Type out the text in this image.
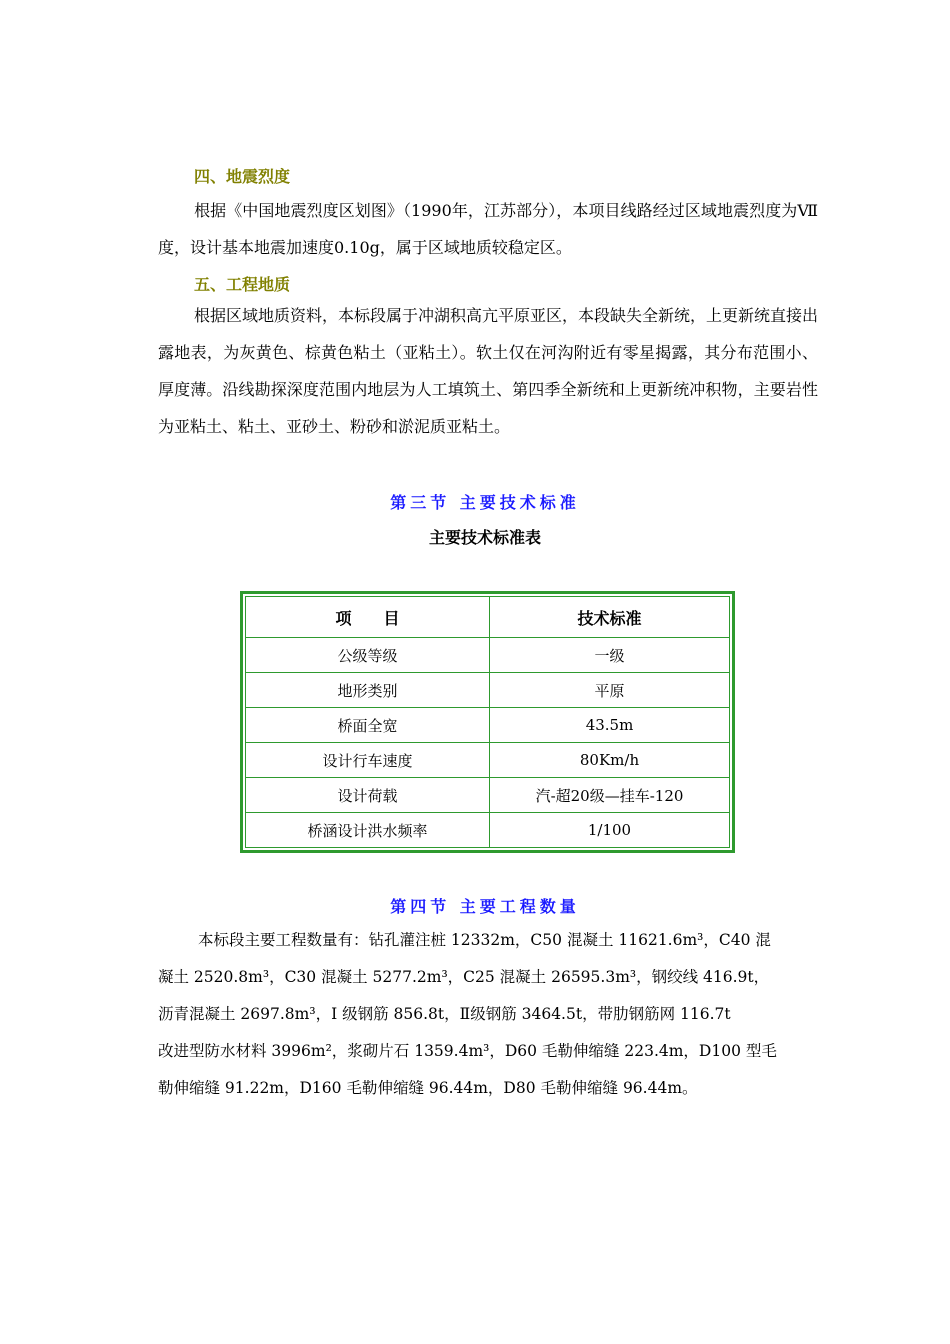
四、地震烈度

根据《中国地震烈度区划图》（1990年，江苏部分），本项目线路经过区域地震烈度为Ⅶ度，设计基本地震加速度0.10g，属于区域地质较稳定区。

五、工程地质

根据区域地质资料，本标段属于冲湖积高亢平原亚区，本段缺失全新统，上更新统直接出露地表，为灰黄色、棕黄色粘土（亚粘土）。软土仅在河沟附近有零星揭露，其分布范围小、厚度薄。沿线勘探深度范围内地层为人工填筑土、第四季全新统和上更新统冲积物，主要岩性为亚粘土、粘土、亚砂土、粉砂和淤泥质亚粘土。

第三节 主要技术标准
主要技术标准表
项　　目	技术标准
公级等级	一级
地形类别	平原
桥面全宽	43.5m
设计行车速度	80Km/h
设计荷载	汽-超20级—挂车-120
桥涵设计洪水频率	1/100
第四节 主要工程数量
本标段主要工程数量有：钻孔灌注桩 12332m，C50 混凝土 11621.6m³，C40 混
凝土 2520.8m³，C30 混凝土 5277.2m³，C25 混凝土 26595.3m³，钢绞线 416.9t，
沥青混凝土 2697.8m³，Ⅰ 级钢筋 856.8t，Ⅱ级钢筋 3464.5t，带肋钢筋网 116.7t
改进型防水材料 3996m²，浆砌片石 1359.4m³，D60 毛勒伸缩缝 223.4m，D100 型毛
勒伸缩缝 91.22m，D160 毛勒伸缩缝 96.44m，D80 毛勒伸缩缝 96.44m。
